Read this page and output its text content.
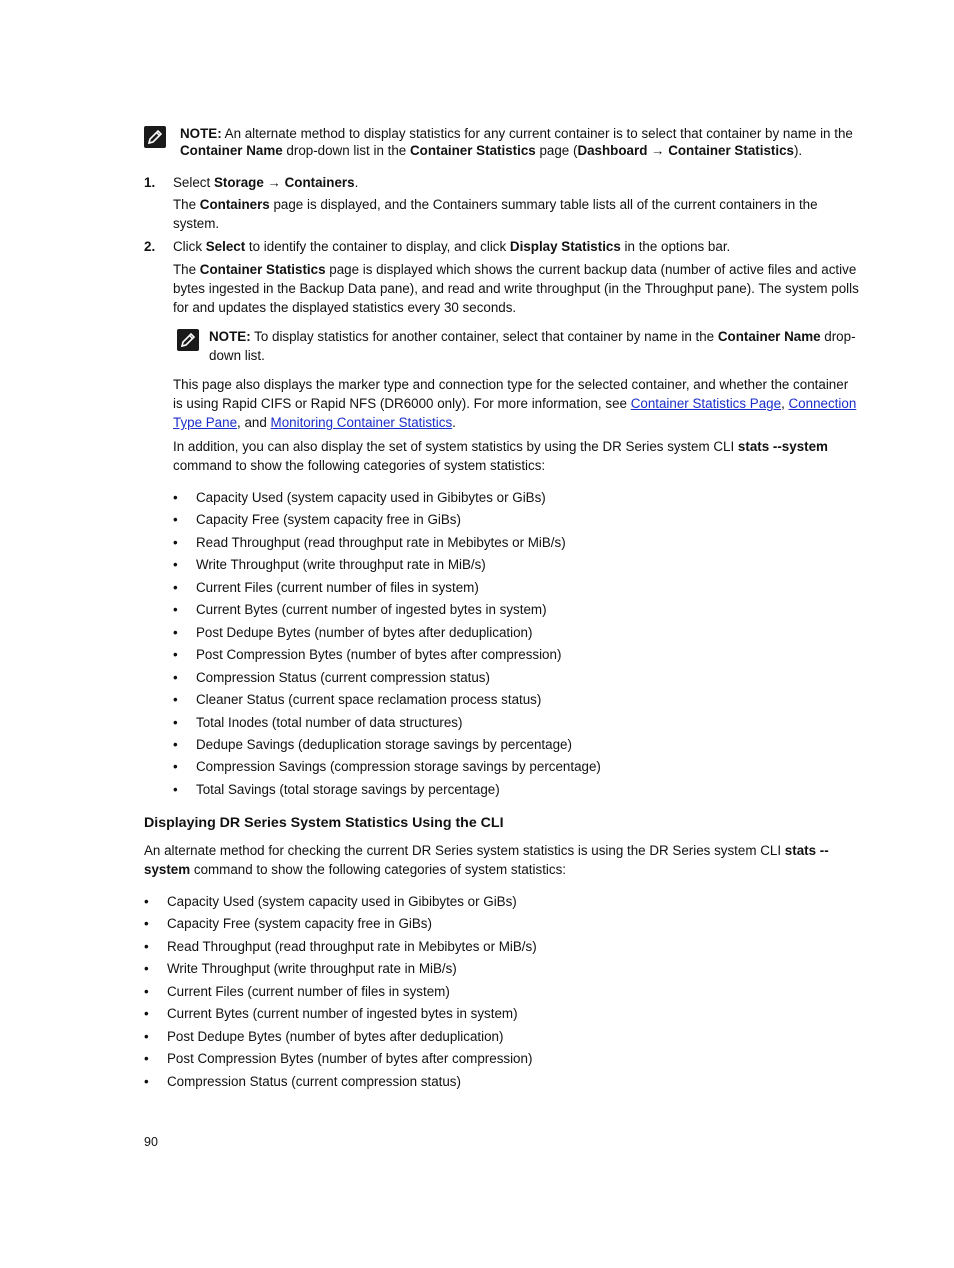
NOTE: An alternate method to display statistics for any current container is to select that container by name in the
Container Name drop-down list in the Container Statistics page (Dashboard → Container Statistics).
1. Select Storage → Containers.
The Containers page is displayed, and the Containers summary table lists all of the current containers in the
system.
2. Click Select to identify the container to display, and click Display Statistics in the options bar.
The Container Statistics page is displayed which shows the current backup data (number of active files and active
bytes ingested in the Backup Data pane), and read and write throughput (in the Throughput pane). The system polls
for and updates the displayed statistics every 30 seconds.
NOTE: To display statistics for another container, select that container by name in the Container Name drop-
down list.
This page also displays the marker type and connection type for the selected container, and whether the container
is using Rapid CIFS or Rapid NFS (DR6000 only). For more information, see Container Statistics Page, Connection
Type Pane, and Monitoring Container Statistics.
In addition, you can also display the set of system statistics by using the DR Series system CLI stats --system
command to show the following categories of system statistics:
• Capacity Used (system capacity used in Gibibytes or GiBs)
• Capacity Free (system capacity free in GiBs)
• Read Throughput (read throughput rate in Mebibytes or MiB/s)
• Write Throughput (write throughput rate in MiB/s)
• Current Files (current number of files in system)
• Current Bytes (current number of ingested bytes in system)
• Post Dedupe Bytes (number of bytes after deduplication)
• Post Compression Bytes (number of bytes after compression)
• Compression Status (current compression status)
• Cleaner Status (current space reclamation process status)
• Total Inodes (total number of data structures)
• Dedupe Savings (deduplication storage savings by percentage)
• Compression Savings (compression storage savings by percentage)
• Total Savings (total storage savings by percentage)
Displaying DR Series System Statistics Using the CLI
An alternate method for checking the current DR Series system statistics is using the DR Series system CLI stats --
system command to show the following categories of system statistics:
• Capacity Used (system capacity used in Gibibytes or GiBs)
• Capacity Free (system capacity free in GiBs)
• Read Throughput (read throughput rate in Mebibytes or MiB/s)
• Write Throughput (write throughput rate in MiB/s)
• Current Files (current number of files in system)
• Current Bytes (current number of ingested bytes in system)
• Post Dedupe Bytes (number of bytes after deduplication)
• Post Compression Bytes (number of bytes after compression)
• Compression Status (current compression status)
90
